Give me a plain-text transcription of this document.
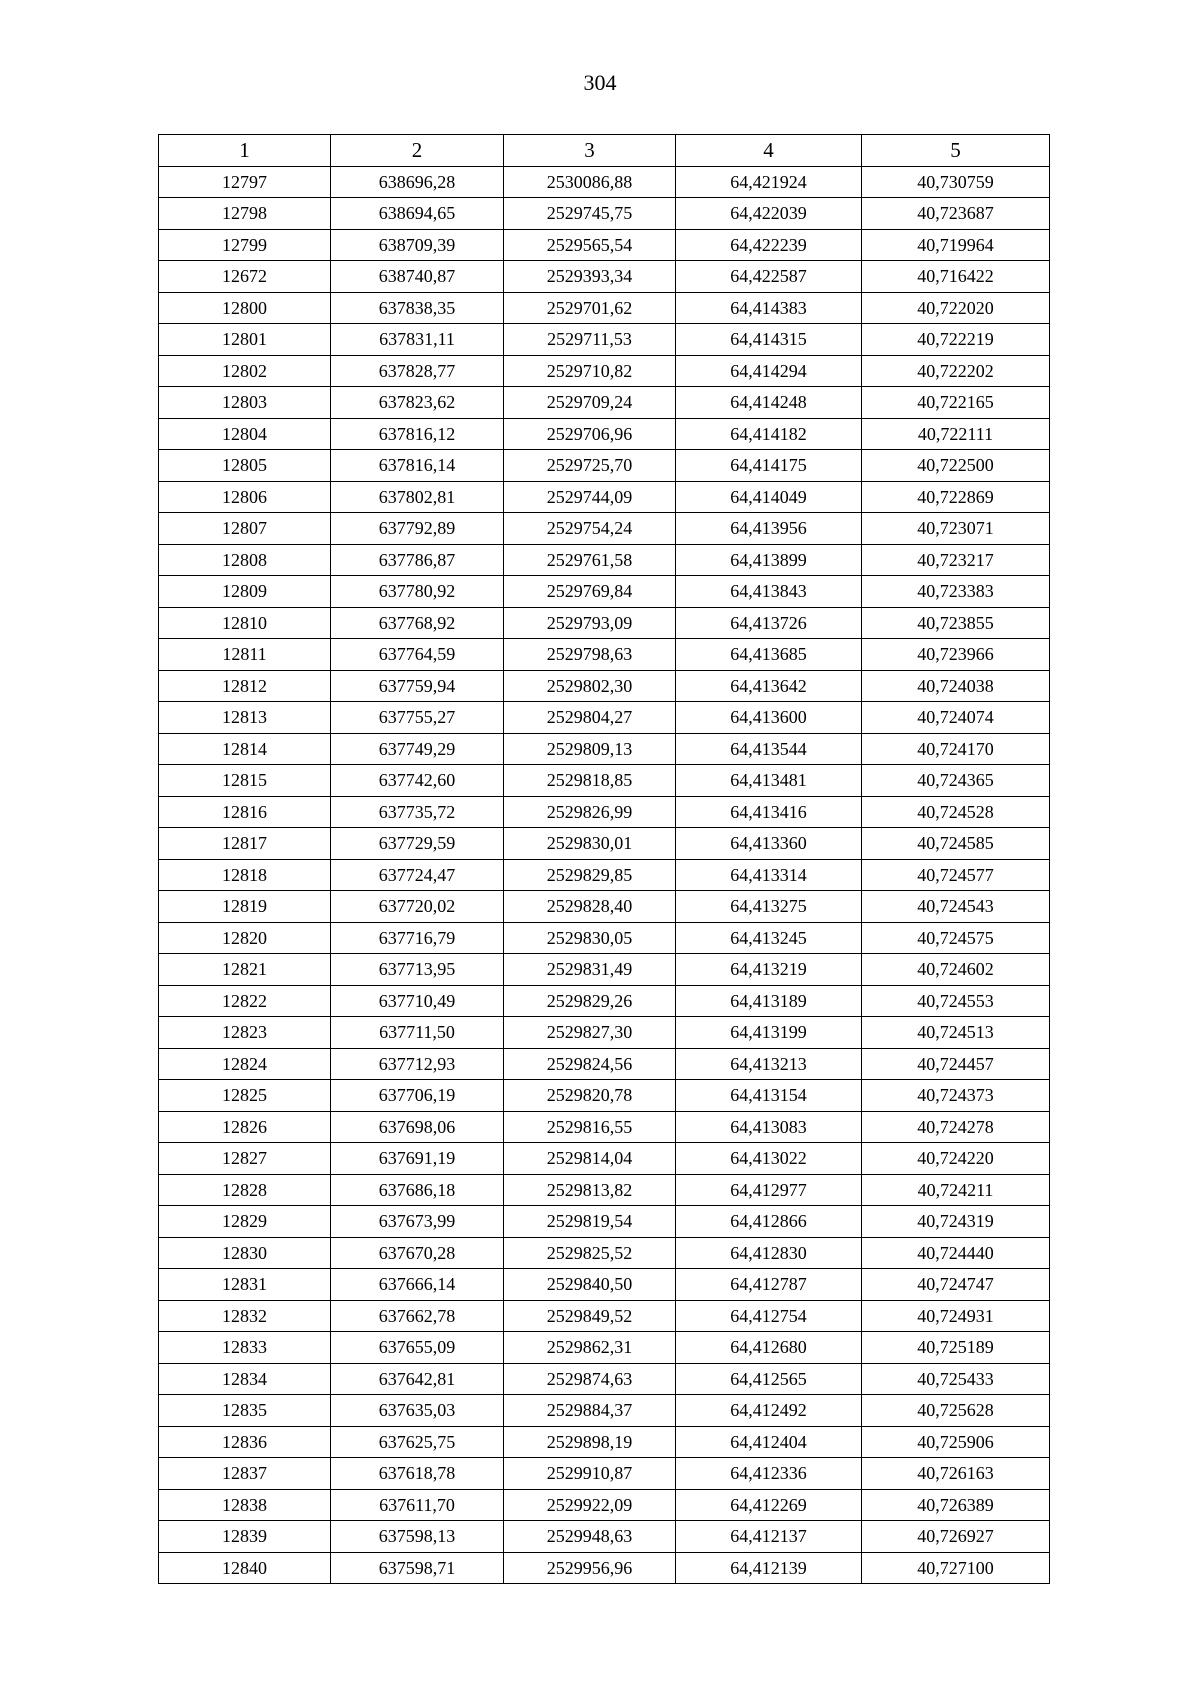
304
1	2	3	4	5
12797	638696,28	2530086,88	64,421924	40,730759
12798	638694,65	2529745,75	64,422039	40,723687
12799	638709,39	2529565,54	64,422239	40,719964
12672	638740,87	2529393,34	64,422587	40,716422
12800	637838,35	2529701,62	64,414383	40,722020
12801	637831,11	2529711,53	64,414315	40,722219
12802	637828,77	2529710,82	64,414294	40,722202
12803	637823,62	2529709,24	64,414248	40,722165
12804	637816,12	2529706,96	64,414182	40,722111
12805	637816,14	2529725,70	64,414175	40,722500
12806	637802,81	2529744,09	64,414049	40,722869
12807	637792,89	2529754,24	64,413956	40,723071
12808	637786,87	2529761,58	64,413899	40,723217
12809	637780,92	2529769,84	64,413843	40,723383
12810	637768,92	2529793,09	64,413726	40,723855
12811	637764,59	2529798,63	64,413685	40,723966
12812	637759,94	2529802,30	64,413642	40,724038
12813	637755,27	2529804,27	64,413600	40,724074
12814	637749,29	2529809,13	64,413544	40,724170
12815	637742,60	2529818,85	64,413481	40,724365
12816	637735,72	2529826,99	64,413416	40,724528
12817	637729,59	2529830,01	64,413360	40,724585
12818	637724,47	2529829,85	64,413314	40,724577
12819	637720,02	2529828,40	64,413275	40,724543
12820	637716,79	2529830,05	64,413245	40,724575
12821	637713,95	2529831,49	64,413219	40,724602
12822	637710,49	2529829,26	64,413189	40,724553
12823	637711,50	2529827,30	64,413199	40,724513
12824	637712,93	2529824,56	64,413213	40,724457
12825	637706,19	2529820,78	64,413154	40,724373
12826	637698,06	2529816,55	64,413083	40,724278
12827	637691,19	2529814,04	64,413022	40,724220
12828	637686,18	2529813,82	64,412977	40,724211
12829	637673,99	2529819,54	64,412866	40,724319
12830	637670,28	2529825,52	64,412830	40,724440
12831	637666,14	2529840,50	64,412787	40,724747
12832	637662,78	2529849,52	64,412754	40,724931
12833	637655,09	2529862,31	64,412680	40,725189
12834	637642,81	2529874,63	64,412565	40,725433
12835	637635,03	2529884,37	64,412492	40,725628
12836	637625,75	2529898,19	64,412404	40,725906
12837	637618,78	2529910,87	64,412336	40,726163
12838	637611,70	2529922,09	64,412269	40,726389
12839	637598,13	2529948,63	64,412137	40,726927
12840	637598,71	2529956,96	64,412139	40,727100
